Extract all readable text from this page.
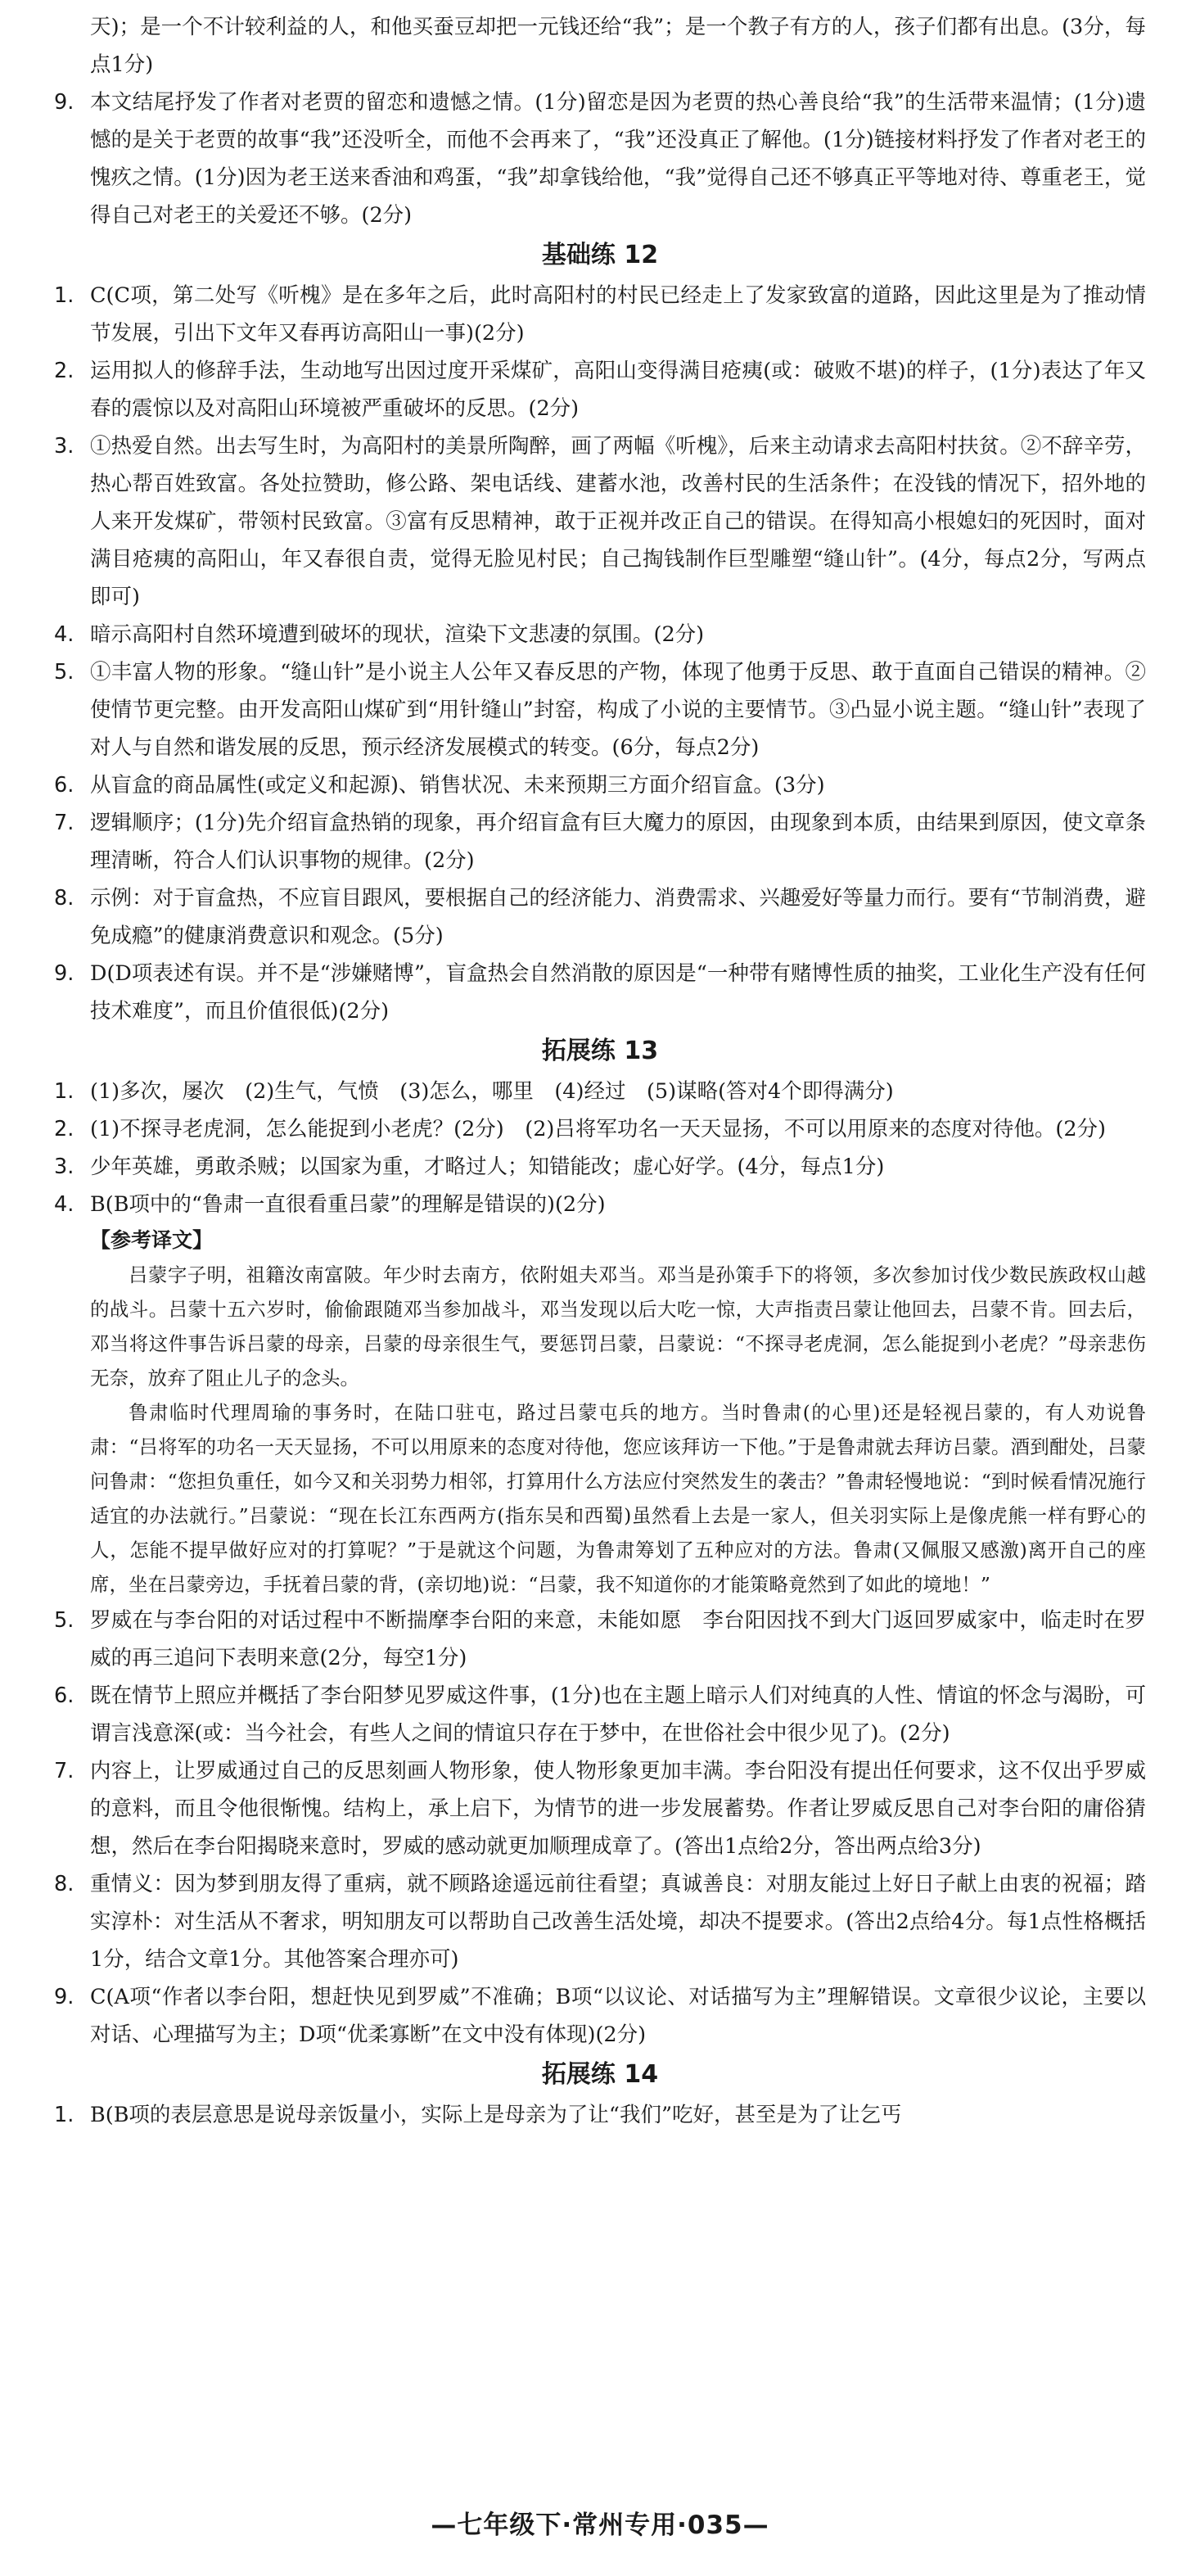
天)；是一个不计较利益的人，和他买蚕豆却把一元钱还给“我”；是一个教子有方的人，孩子们都有出息。(3分，每点1分)
9. 本文结尾抒发了作者对老贾的留恋和遗憾之情。(1分)留恋是因为老贾的热心善良给“我”的生活带来温情；(1分)遗憾的是关于老贾的故事“我”还没听全，而他不会再来了，“我”还没真正了解他。(1分)链接材料抒发了作者对老王的愧疚之情。(1分)因为老王送来香油和鸡蛋，“我”却拿钱给他，“我”觉得自己还不够真正平等地对待、尊重老王，觉得自己对老王的关爱还不够。(2分)
基础练 12
1. C(C项，第二处写《听槐》是在多年之后，此时高阳村的村民已经走上了发家致富的道路，因此这里是为了推动情节发展，引出下文年又春再访高阳山一事)(2分)
2. 运用拟人的修辞手法，生动地写出因过度开采煤矿，高阳山变得满目疮痍(或：破败不堪)的样子，(1分)表达了年又春的震惊以及对高阳山环境被严重破坏的反思。(2分)
3. ①热爱自然。出去写生时，为高阳村的美景所陶醉，画了两幅《听槐》，后来主动请求去高阳村扶贫。②不辞辛劳，热心帮百姓致富。各处拉赞助，修公路、架电话线、建蓄水池，改善村民的生活条件；在没钱的情况下，招外地的人来开发煤矿，带领村民致富。③富有反思精神，敢于正视并改正自己的错误。在得知高小根媳妇的死因时，面对满目疮痍的高阳山，年又春很自责，觉得无脸见村民；自己掏钱制作巨型雕塑“缝山针”。(4分，每点2分，写两点即可)
4. 暗示高阳村自然环境遭到破坏的现状，渲染下文悲凄的氛围。(2分)
5. ①丰富人物的形象。“缝山针”是小说主人公年又春反思的产物，体现了他勇于反思、敢于直面自己错误的精神。②使情节更完整。由开发高阳山煤矿到“用针缝山”封窑，构成了小说的主要情节。③凸显小说主题。“缝山针”表现了对人与自然和谐发展的反思，预示经济发展模式的转变。(6分，每点2分)
6. 从盲盒的商品属性(或定义和起源)、销售状况、未来预期三方面介绍盲盒。(3分)
7. 逻辑顺序；(1分)先介绍盲盒热销的现象，再介绍盲盒有巨大魔力的原因，由现象到本质，由结果到原因，使文章条理清晰，符合人们认识事物的规律。(2分)
8. 示例：对于盲盒热，不应盲目跟风，要根据自己的经济能力、消费需求、兴趣爱好等量力而行。要有“节制消费，避免成瘾”的健康消费意识和观念。(5分)
9. D(D项表述有误。并不是“涉嫌赌博”，盲盒热会自然消散的原因是“一种带有赌博性质的抽奖，工业化生产没有任何技术难度”，而且价值很低)(2分)
拓展练 13
1. (1)多次，屡次　(2)生气，气愤　(3)怎么，哪里　(4)经过　(5)谋略(答对4个即得满分)
2. (1)不探寻老虎洞，怎么能捉到小老虎？(2分)　(2)吕将军功名一天天显扬，不可以用原来的态度对待他。(2分)
3. 少年英雄，勇敢杀贼；以国家为重，才略过人；知错能改；虚心好学。(4分，每点1分)
4. B(B项中的“鲁肃一直很看重吕蒙”的理解是错误的)(2分)
【参考译文】
吕蒙字子明，祖籍汝南富陂。年少时去南方，依附姐夫邓当。邓当是孙策手下的将领，多次参加讨伐少数民族政权山越的战斗。吕蒙十五六岁时，偷偷跟随邓当参加战斗，邓当发现以后大吃一惊，大声指责吕蒙让他回去，吕蒙不肯。回去后，邓当将这件事告诉吕蒙的母亲，吕蒙的母亲很生气，要惩罚吕蒙，吕蒙说：“不探寻老虎洞，怎么能捉到小老虎？”母亲悲伤无奈，放弃了阻止儿子的念头。
鲁肃临时代理周瑜的事务时，在陆口驻屯，路过吕蒙屯兵的地方。当时鲁肃(的心里)还是轻视吕蒙的，有人劝说鲁肃：“吕将军的功名一天天显扬，不可以用原来的态度对待他，您应该拜访一下他。”于是鲁肃就去拜访吕蒙。酒到酣处，吕蒙问鲁肃：“您担负重任，如今又和关羽势力相邻，打算用什么方法应付突然发生的袭击？”鲁肃轻慢地说：“到时候看情况施行适宜的办法就行。”吕蒙说：“现在长江东西两方(指东吴和西蜀)虽然看上去是一家人，但关羽实际上是像虎熊一样有野心的人，怎能不提早做好应对的打算呢？”于是就这个问题，为鲁肃筹划了五种应对的方法。鲁肃(又佩服又感激)离开自己的座席，坐在吕蒙旁边，手抚着吕蒙的背，(亲切地)说：“吕蒙，我不知道你的才能策略竟然到了如此的境地！”
5. 罗威在与李台阳的对话过程中不断揣摩李台阳的来意，未能如愿　李台阳因找不到大门返回罗威家中，临走时在罗威的再三追问下表明来意(2分，每空1分)
6. 既在情节上照应并概括了李台阳梦见罗威这件事，(1分)也在主题上暗示人们对纯真的人性、情谊的怀念与渴盼，可谓言浅意深(或：当今社会，有些人之间的情谊只存在于梦中，在世俗社会中很少见了)。(2分)
7. 内容上，让罗威通过自己的反思刻画人物形象，使人物形象更加丰满。李台阳没有提出任何要求，这不仅出乎罗威的意料，而且令他很惭愧。结构上，承上启下，为情节的进一步发展蓄势。作者让罗威反思自己对李台阳的庸俗猜想，然后在李台阳揭晓来意时，罗威的感动就更加顺理成章了。(答出1点给2分，答出两点给3分)
8. 重情义：因为梦到朋友得了重病，就不顾路途遥远前往看望；真诚善良：对朋友能过上好日子献上由衷的祝福；踏实淳朴：对生活从不奢求，明知朋友可以帮助自己改善生活处境，却决不提要求。(答出2点给4分。每1点性格概括1分，结合文章1分。其他答案合理亦可)
9. C(A项“作者以李台阳，想赶快见到罗威”不准确；B项“以议论、对话描写为主”理解错误。文章很少议论，主要以对话、心理描写为主；D项“优柔寡断”在文中没有体现)(2分)
拓展练 14
1. B(B项的表层意思是说母亲饭量小，实际上是母亲为了让“我们”吃好，甚至是为了让乞丐
—七年级下·常州专用·035—
